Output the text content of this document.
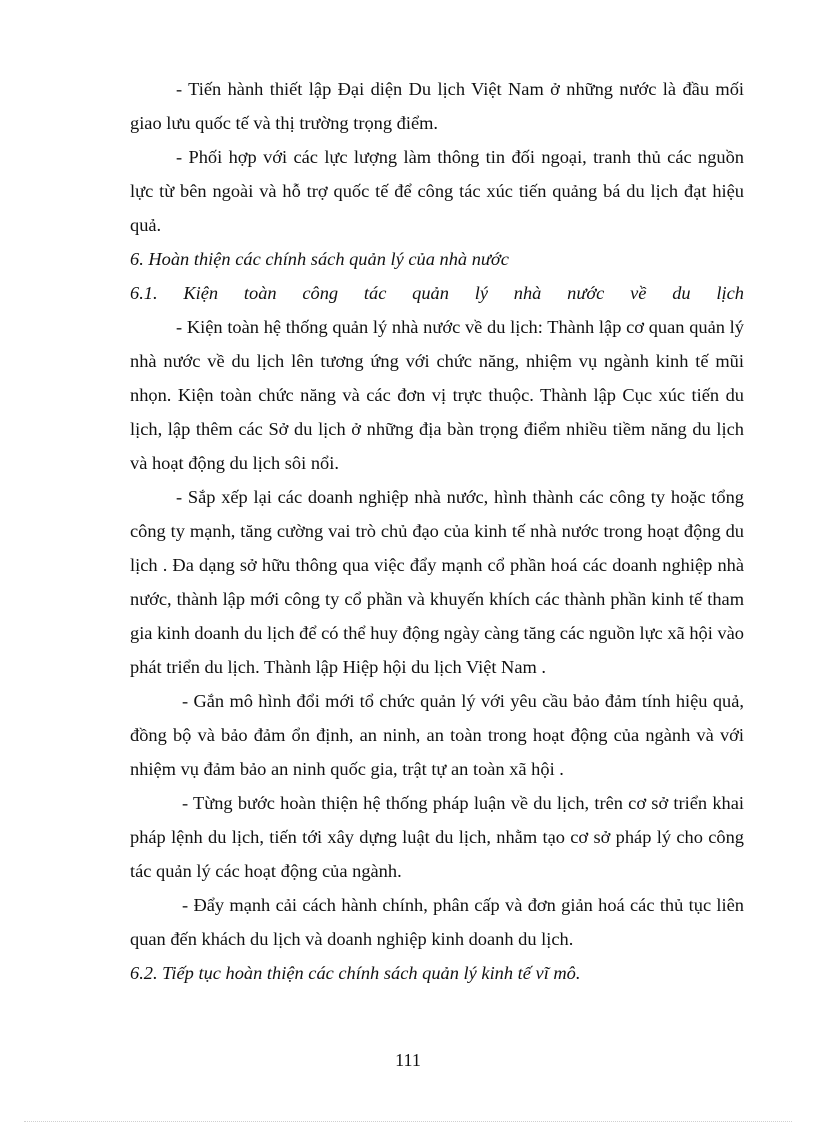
- Tiến hành thiết lập Đại diện Du lịch Việt Nam ở những nước là đầu mối giao lưu quốc tế và thị trường trọng điểm.

- Phối hợp với các lực lượng làm thông tin đối ngoại, tranh thủ các nguồn lực từ bên ngoài và hỗ trợ quốc tế để công tác xúc tiến quảng bá du lịch đạt hiệu quả.

6. Hoàn thiện các chính sách quản lý của nhà nước

6.1. Kiện toàn công tác quản lý nhà nước về du lịch

- Kiện toàn hệ thống quản lý nhà nước về du lịch: Thành lập cơ quan quản lý nhà nước về du lịch lên tương ứng với chức năng, nhiệm vụ ngành kinh tế mũi nhọn. Kiện toàn chức năng và các đơn vị trực thuộc. Thành lập Cục xúc tiến du lịch, lập thêm các Sở du lịch ở những địa bàn trọng điểm nhiều tiềm năng du lịch và hoạt động du lịch sôi nổi.

- Sắp xếp lại các doanh nghiệp nhà nước, hình thành các công ty hoặc tổng công ty mạnh, tăng cường vai trò chủ đạo của kinh tế nhà nước trong hoạt động du lịch . Đa dạng sở hữu thông qua việc đẩy mạnh cổ phần hoá các doanh nghiệp nhà nước, thành lập mới công ty cổ phần và khuyến khích các thành phần kinh tế tham gia kinh doanh du lịch để có thể huy động ngày càng tăng các nguồn lực xã hội vào phát triển du lịch. Thành lập Hiệp hội du lịch Việt Nam .

- Gắn mô hình đổi mới tổ chức quản lý với yêu cầu bảo đảm tính hiệu quả, đồng bộ và bảo đảm ổn định, an ninh, an toàn trong hoạt động của ngành và với nhiệm vụ đảm bảo an ninh quốc gia, trật tự an toàn xã hội .

- Từng bước hoàn thiện hệ thống pháp luận về du lịch, trên cơ sở triển khai pháp lệnh du lịch, tiến tới xây dựng luật du lịch, nhằm tạo cơ sở pháp lý cho công tác quản lý các hoạt động của ngành.

- Đẩy mạnh cải cách hành chính, phân cấp và đơn giản hoá các thủ tục liên quan đến khách du lịch và doanh nghiệp kinh doanh du lịch.

6.2. Tiếp tục hoàn thiện các chính sách quản lý kinh tế vĩ mô.

111
